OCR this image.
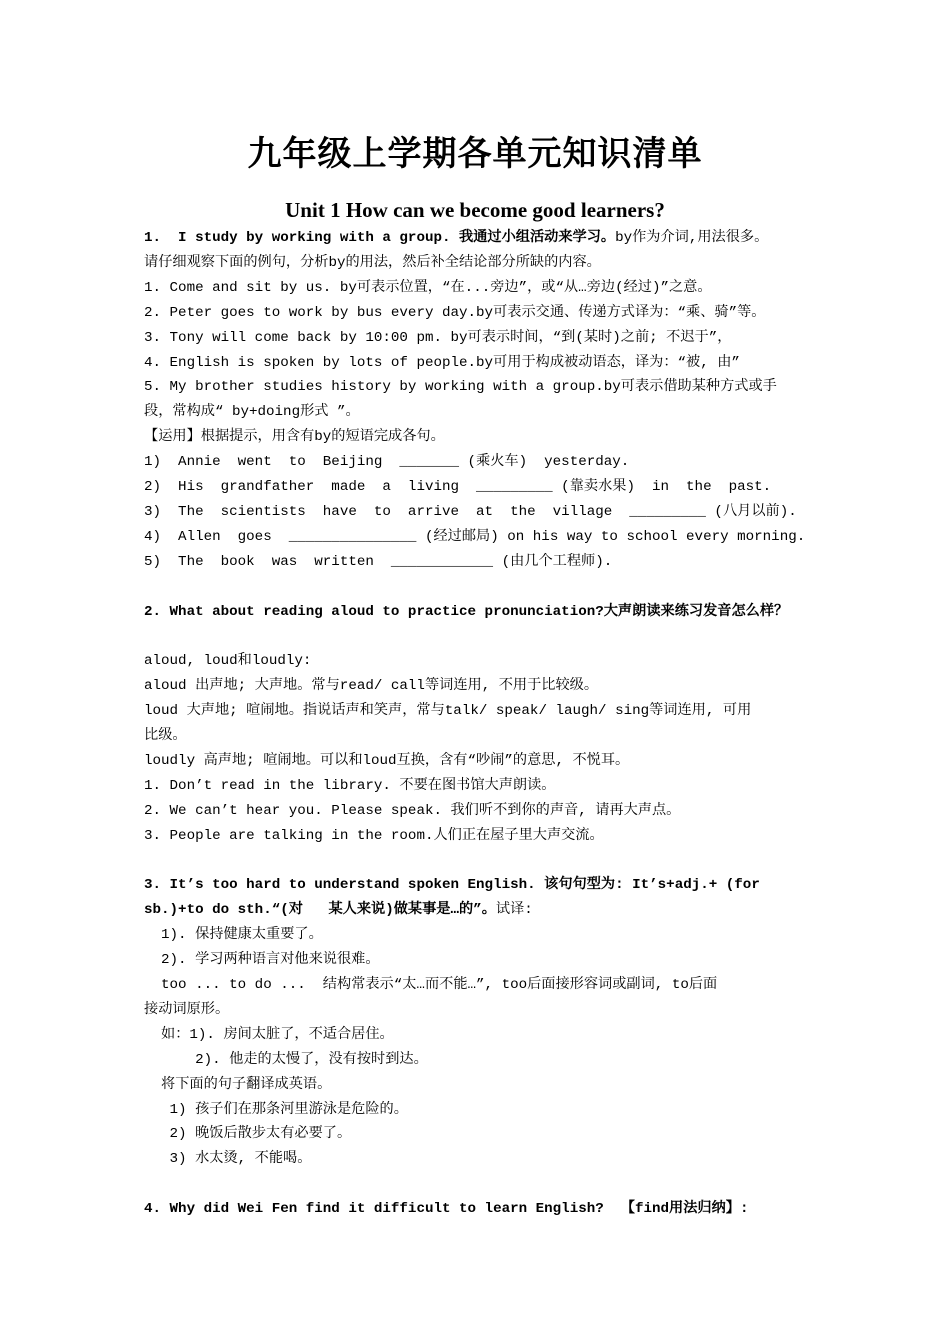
九年级上学期各单元知识清单
Unit 1 How can we become good learners?
1.  I study by working with a group. 我通过小组活动来学习。by作为介词,用法很多。
请仔细观察下面的例句，分析by的用法，然后补全结论部分所缺的内容。
1. Come and sit by us. by可表示位置，“在...旁边”，或“从…旁边(经过)”之意。
2. Peter goes to work by bus every day.by可表示交通、传递方式译为：“乘、骑”等。
3. Tony will come back by 10:00 pm. by可表示时间，“到(某时)之前; 不迟于”，
4. English is spoken by lots of people.by可用于构成被动语态，译为：“被, 由”
5. My brother studies history by working with a group.by可表示借助某种方式或手
段，常构成“ by+doing形式 ”。
【运用】根据提示，用含有by的短语完成各句。
1)  Annie  went  to  Beijing  _______ (乘火车)  yesterday.
2)  His  grandfather  made  a  living  _________ (靠卖水果)  in  the  past.
3)  The  scientists  have  to  arrive  at  the  village  _________ (八月以前).
4)  Allen  goes  _______________ (经过邮局) on his way to school every morning.
5)  The  book  was  written  ____________ (由几个工程师).
2. What about reading aloud to practice pronunciation?大声朗读来练习发音怎么样？
aloud, loud和loudly:
aloud 出声地; 大声地。常与read/ call等词连用, 不用于比较级。
loud 大声地; 喧闹地。指说话声和笑声，常与talk/ speak/ laugh/ sing等词连用, 可用
比级。
loudly 高声地; 喧闹地。可以和loud互换，含有“吵闹”的意思, 不悦耳。
1. Don’t read in the library. 不要在图书馆大声朗读。
2. We can’t hear you. Please speak. 我们听不到你的声音, 请再大声点。
3. People are talking in the room.人们正在屋子里大声交流。
3. It’s too hard to understand spoken English. 该句句型为: It’s+adj.+ (for
sb.)+to do sth.“(对   某人来说)做某事是…的”。试译:
1). 保持健康太重要了。
2). 学习两种语言对他来说很难。
too ... to do ...  结构常表示“太…而不能…”, too后面接形容词或副词, to后面
接动词原形。
如：1). 房间太脏了，不适合居住。
2). 他走的太慢了，没有按时到达。
将下面的句子翻译成英语。
1) 孩子们在那条河里游泳是危险的。
2) 晚饭后散步太有必要了。
3) 水太烫, 不能喝。
4. Why did Wei Fen find it difficult to learn English?  【find用法归纳】:
